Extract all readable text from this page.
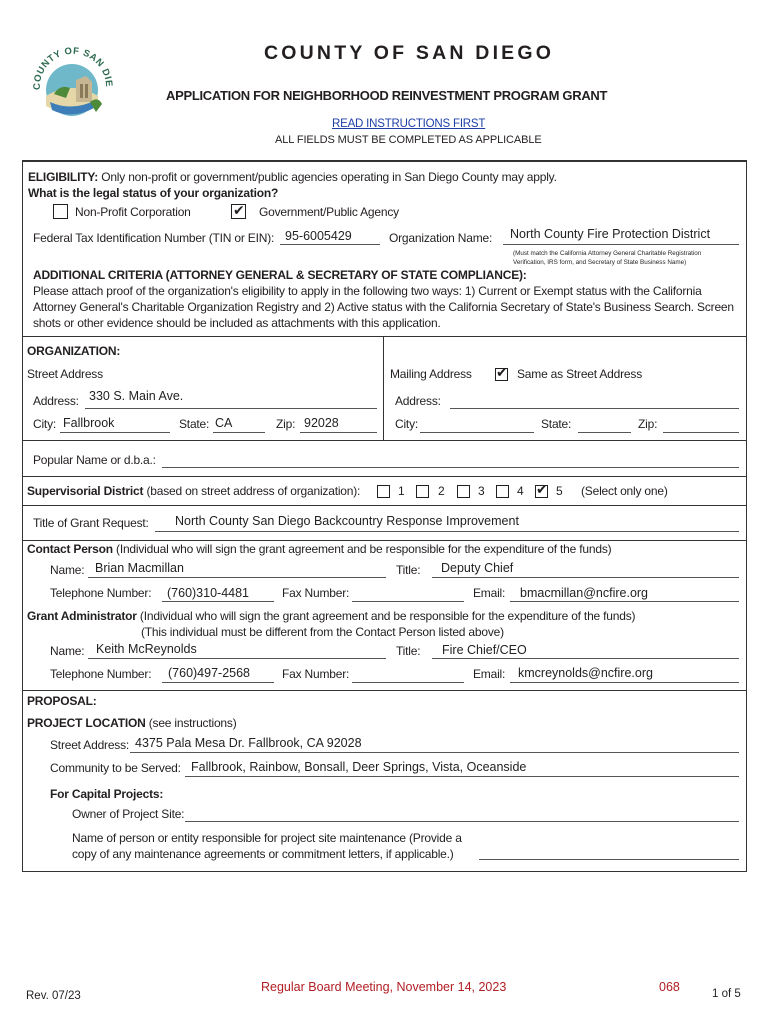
COUNTY OF SAN DIE
COUNTY OF SAN DIEGO
APPLICATION FOR NEIGHBORHOOD REINVESTMENT PROGRAM GRANT
READ INSTRUCTIONS FIRST
ALL FIELDS MUST BE COMPLETED AS APPLICABLE
ELIGIBILITY: Only non-profit or government/public agencies operating in San Diego County may apply.
What is the legal status of your organization?
Non-Profit Corporation	✔ Government/Public Agency
Federal Tax Identification Number (TIN or EIN): 95-6005429	Organization Name: North County Fire Protection District
(Must match the California Attorney General Charitable Registration
Verification, IRS form, and Secretary of State Business Name)
ADDITIONAL CRITERIA (ATTORNEY GENERAL & SECRETARY OF STATE COMPLIANCE):
Please attach proof of the organization's eligibility to apply in the following two ways: 1) Current or Exempt status with the California
Attorney General's Charitable Organization Registry and 2) Active status with the California Secretary of State's Business Search. Screen
shots or other evidence should be included as attachments with this application.
ORGANIZATION:
Street Address
Address: 330 S. Main Ave.
City: Fallbrook	State: CA	Zip: 92028
Mailing Address ✔ Same as Street Address
Address:
City:	State:	Zip:
Popular Name or d.b.a.:
Supervisorial District (based on street address of organization):	1	2	3	4 ✔ 5 (Select only one)
Title of Grant Request: North County San Diego Backcountry Response Improvement
Contact Person (Individual who will sign the grant agreement and be responsible for the expenditure of the funds)
Name: Brian Macmillan	Title: Deputy Chief
Telephone Number: (760)310-4481	Fax Number:	Email: bmacmillan@ncfire.org
Grant Administrator (Individual who will sign the grant agreement and be responsible for the expenditure of the funds)
(This individual must be different from the Contact Person listed above)
Name: Keith McReynolds	Title: Fire Chief/CEO
Telephone Number: (760)497-2568	Fax Number:	Email: kmcreynolds@ncfire.org
PROPOSAL:
PROJECT LOCATION (see instructions)
Street Address: 4375 Pala Mesa Dr. Fallbrook, CA 92028
Community to be Served: Fallbrook, Rainbow, Bonsall, Deer Springs, Vista, Oceanside
For Capital Projects:
Owner of Project Site:
Name of person or entity responsible for project site maintenance (Provide a
copy of any maintenance agreements or commitment letters, if applicable.)
Rev. 07/23
Regular Board Meeting, November 14, 2023	068	1 of 5
